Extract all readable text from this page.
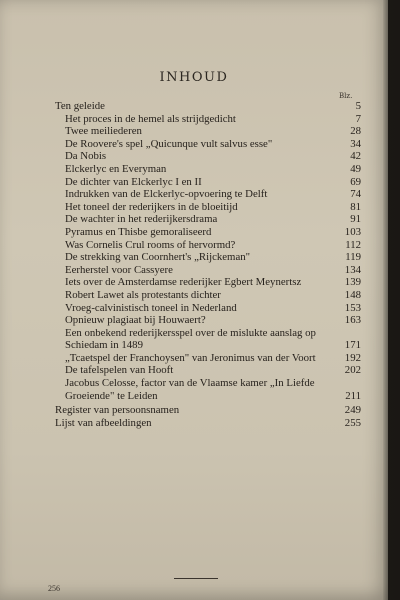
INHOUD
Blz.
Ten geleide	5
Het proces in de hemel als strijdgedicht	7
Twee meiliederen	28
De Roovere's spel „Quicunque vult salvus esse"	34
Da Nobis	42
Elckerlyc en Everyman	49
De dichter van Elckerlyc I en II	69
Indrukken van de Elckerlyc-opvoering te Delft	74
Het toneel der rederijkers in de bloeitijd	81
De wachter in het rederijkersdrama	91
Pyramus en Thisbe gemoraliseerd	103
Was Cornelis Crul rooms of hervormd?	112
De strekking van Coornhert's „Rijckeman"	119
Eerherstel voor Cassyere	134
Iets over de Amsterdamse rederijker Egbert Meynertsz	139
Robert Lawet als protestants dichter	148
Vroeg-calvinistisch toneel in Nederland	153
Opnieuw plagiaat bij Houwaert?	163
Een onbekend rederijkersspel over de mislukte aanslag op Schiedam in 1489	171
„Tcaetspel der Franchoysen" van Jeronimus van der Voort	192
De tafelspelen van Hooft	202
Jacobus Celosse, factor van de Vlaamse kamer „In Liefde Groeiende" te Leiden	211
Register van persoonsnamen	249
Lijst van afbeeldingen	255
256
